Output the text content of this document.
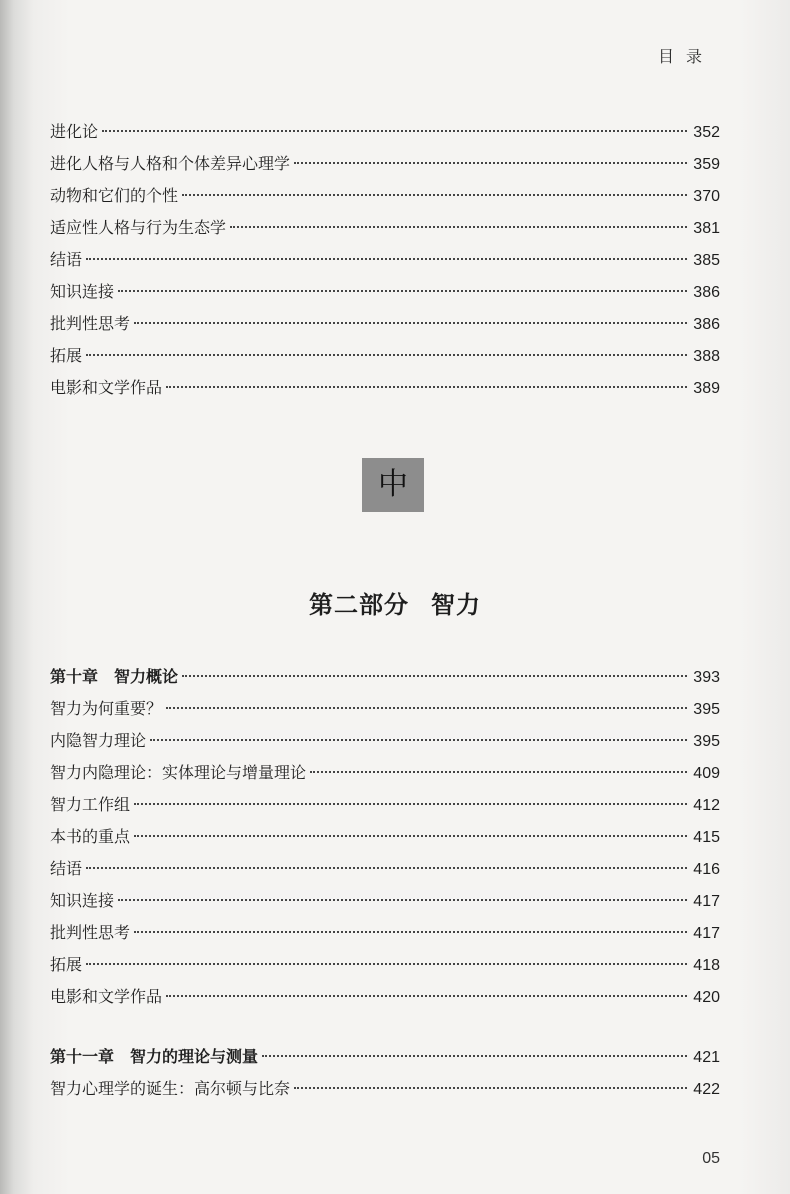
目录
进化论	352
进化人格与人格和个体差异心理学	359
动物和它们的个性	370
适应性人格与行为生态学	381
结语	385
知识连接	386
批判性思考	386
拓展	388
电影和文学作品	389
中
第二部分 智力
第十章　智力概论	393
智力为何重要？	395
内隐智力理论	395
智力内隐理论：实体理论与增量理论	409
智力工作组	412
本书的重点	415
结语	416
知识连接	417
批判性思考	417
拓展	418
电影和文学作品	420
第十一章　智力的理论与测量	421
智力心理学的诞生：高尔顿与比奈	422
05
